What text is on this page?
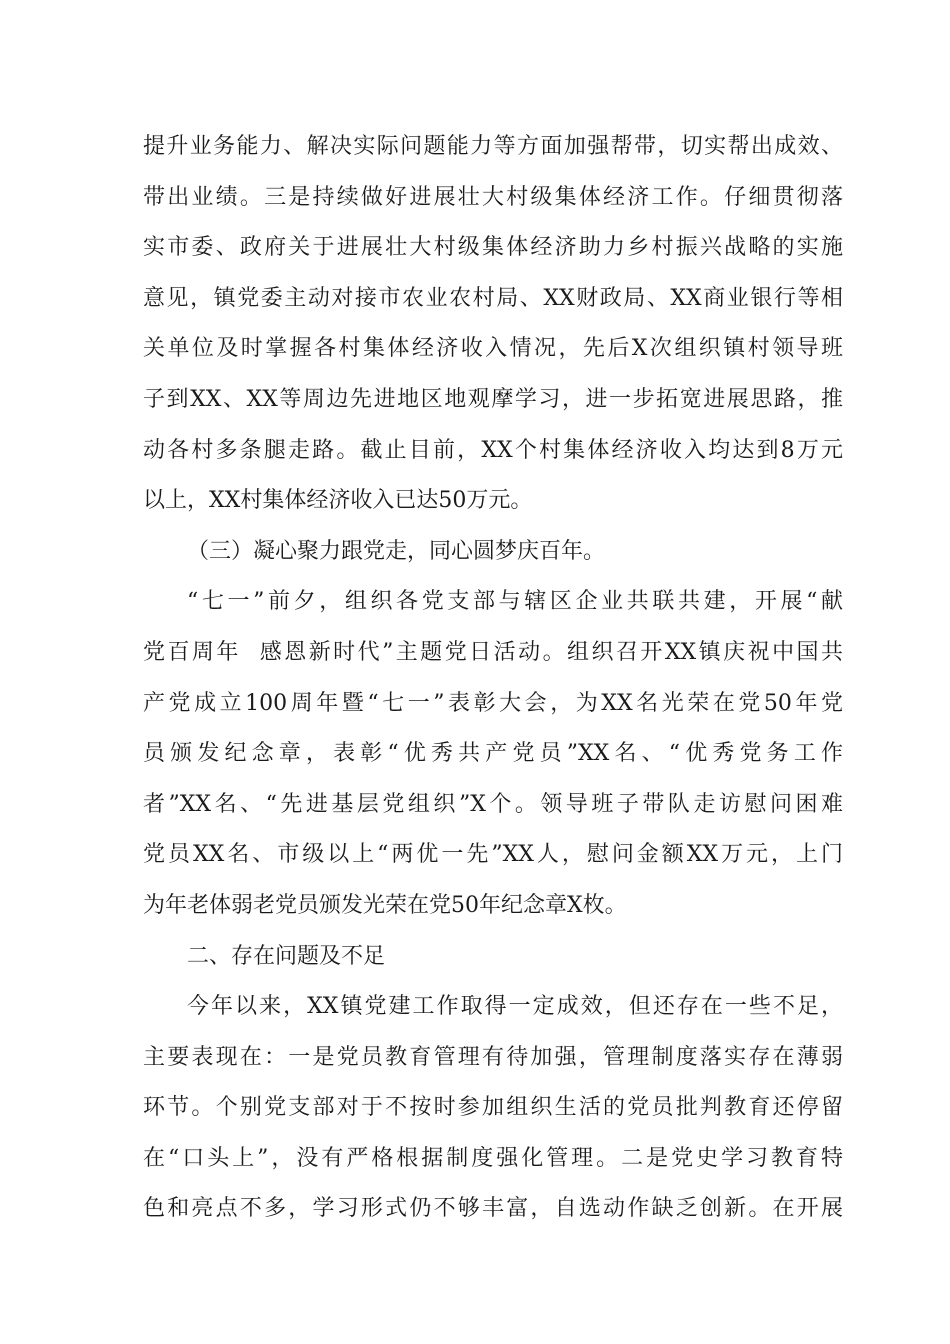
提升业务能力、解决实际问题能力等方面加强帮带，切实帮出成效、
带出业绩。三是持续做好进展壮大村级集体经济工作。仔细贯彻落
实市委、政府关于进展壮大村级集体经济助力乡村振兴战略的实施
意见，镇党委主动对接市农业农村局、XX财政局、XX商业银行等相
关单位及时掌握各村集体经济收入情况，先后X次组织镇村领导班
子到XX、XX等周边先进地区地观摩学习，进一步拓宽进展思路，推
动各村多条腿走路。截止目前，XX个村集体经济收入均达到8万元
以上，XX村集体经济收入已达50万元。
（三）凝心聚力跟党走，同心圆梦庆百年。
“七一”前夕，组织各党支部与辖区企业共联共建，开展“献
党百周年  感恩新时代”主题党日活动。组织召开XX镇庆祝中国共
产党成立100周年暨“七一”表彰大会，为XX名光荣在党50年党
员颁发纪念章，表彰“优秀共产党员”XX名、“优秀党务工作
者”XX名、“先进基层党组织”X个。领导班子带队走访慰问困难
党员XX名、市级以上“两优一先”XX人，慰问金额XX万元，上门
为年老体弱老党员颁发光荣在党50年纪念章X枚。
二、存在问题及不足
今年以来，XX镇党建工作取得一定成效，但还存在一些不足，
主要表现在：一是党员教育管理有待加强，管理制度落实存在薄弱
环节。个别党支部对于不按时参加组织生活的党员批判教育还停留
在“口头上”，没有严格根据制度强化管理。二是党史学习教育特
色和亮点不多，学习形式仍不够丰富，自选动作缺乏创新。在开展
